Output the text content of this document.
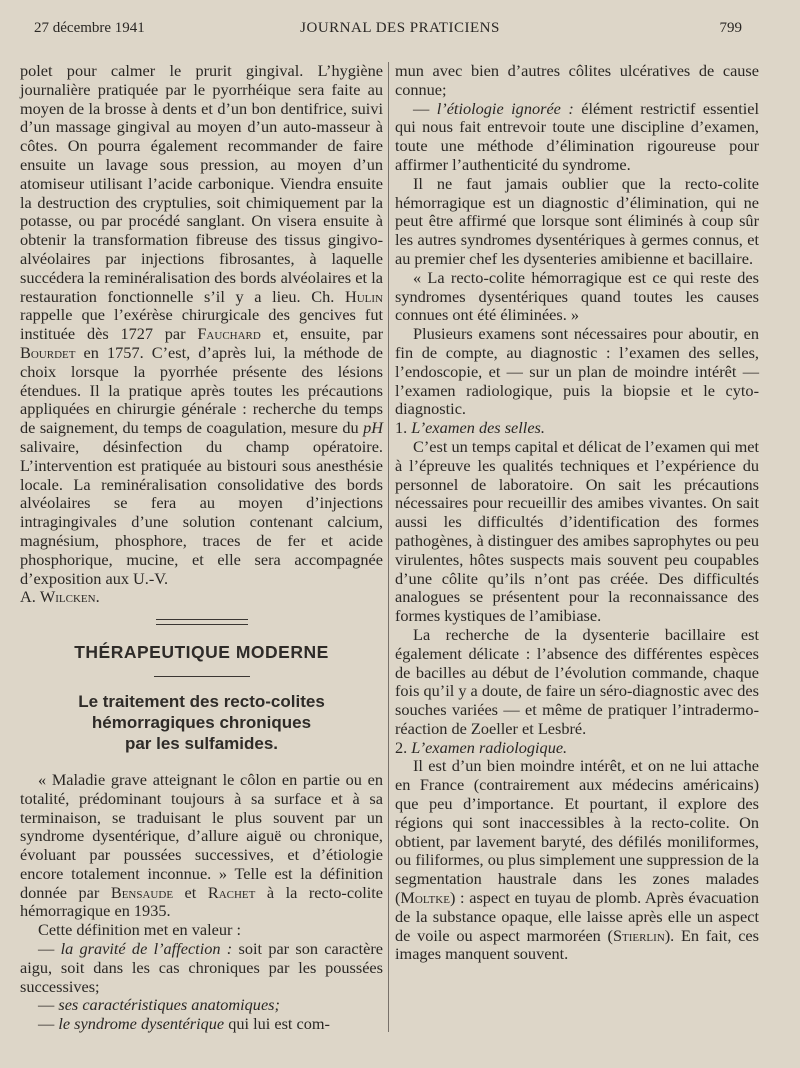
27 décembre 1941	JOURNAL DES PRATICIENS	799

polet pour calmer le prurit gingival. L’hygiène journalière pratiquée par le pyorrhéique sera faite au moyen de la brosse à dents et d’un bon dentifrice, suivi d’un massage gingival au moyen d’un auto-masseur à côtes. On pourra également recommander de faire ensuite un lavage sous pression, au moyen d’un atomiseur utilisant l’acide carbonique. Viendra ensuite la destruction des cryptulies, soit chimiquement par la potasse, ou par procédé sanglant. On visera ensuite à obtenir la transformation fibreuse des tissus gingivo-alvéolaires par injections fibrosantes, à laquelle succédera la reminéralisation des bords alvéolaires et la restauration fonctionnelle s’il y a lieu. Ch. Hulin rappelle que l’exérèse chirurgicale des gencives fut instituée dès 1727 par Fauchard et, ensuite, par Bourdet en 1757. C’est, d’après lui, la méthode de choix lorsque la pyorrhée présente des lésions étendues. Il la pratique après toutes les précautions appliquées en chirurgie générale : recherche du temps de saignement, du temps de coagulation, mesure du pH salivaire, désinfection du champ opératoire. L’intervention est pratiquée au bistouri sous anesthésie locale. La reminéralisation consolidative des bords alvéolaires se fera au moyen d’injections intragingivales d’une solution contenant calcium, magnésium, phosphore, traces de fer et acide phosphorique, mucine, et elle sera accompagnée d’exposition aux U.-V.

A. Wilcken.

THÉRAPEUTIQUE MODERNE
Le traitement des recto-colites
hémorragiques chroniques
par les sulfamides.

« Maladie grave atteignant le côlon en partie ou en totalité, prédominant toujours à sa surface et à sa terminaison, se traduisant le plus souvent par un syndrome dysentérique, d’allure aiguë ou chronique, évoluant par poussées successives, et d’étiologie encore totalement inconnue. » Telle est la définition donnée par Bensaude et Rachet à la recto-colite hémorragique en 1935.

Cette définition met en valeur :

— la gravité de l’affection : soit par son caractère aigu, soit dans les cas chroniques par les poussées successives;

— ses caractéristiques anatomiques;

— le syndrome dysentérique qui lui est com-

mun avec bien d’autres côlites ulcératives de cause connue;

— l’étiologie ignorée : élément restrictif essentiel qui nous fait entrevoir toute une discipline d’examen, toute une méthode d’élimination rigoureuse pour affirmer l’authenticité du syndrome.

Il ne faut jamais oublier que la recto-colite hémorragique est un diagnostic d’élimination, qui ne peut être affirmé que lorsque sont éliminés à coup sûr les autres syndromes dysentériques à germes connus, et au premier chef les dysenteries amibienne et bacillaire.

« La recto-colite hémorragique est ce qui reste des syndromes dysentériques quand toutes les causes connues ont été éliminées. »

Plusieurs examens sont nécessaires pour aboutir, en fin de compte, au diagnostic : l’examen des selles, l’endoscopie, et — sur un plan de moindre intérêt — l’examen radiologique, puis la biopsie et le cyto-diagnostic.

1. L’examen des selles.

C’est un temps capital et délicat de l’examen qui met à l’épreuve les qualités techniques et l’expérience du personnel de laboratoire. On sait les précautions nécessaires pour recueillir des amibes vivantes. On sait aussi les difficultés d’identification des formes pathogènes, à distinguer des amibes saprophytes ou peu virulentes, hôtes suspects mais souvent peu coupables d’une côlite qu’ils n’ont pas créée. Des difficultés analogues se présentent pour la reconnaissance des formes kystiques de l’amibiase.

La recherche de la dysenterie bacillaire est également délicate : l’absence des différentes espèces de bacilles au début de l’évolution commande, chaque fois qu’il y a doute, de faire un séro-diagnostic avec des souches variées — et même de pratiquer l’intradermo-réaction de Zoeller et Lesbré.

2. L’examen radiologique.

Il est d’un bien moindre intérêt, et on ne lui attache en France (contrairement aux médecins américains) que peu d’importance. Et pourtant, il explore des régions qui sont inaccessibles à la recto-colite. On obtient, par lavement baryté, des défilés moniliformes, ou filiformes, ou plus simplement une suppression de la segmentation haustrale dans les zones malades (Moltke) : aspect en tuyau de plomb. Après évacuation de la substance opaque, elle laisse après elle un aspect de voile ou aspect marmoréen (Stierlin). En fait, ces images manquent souvent.
